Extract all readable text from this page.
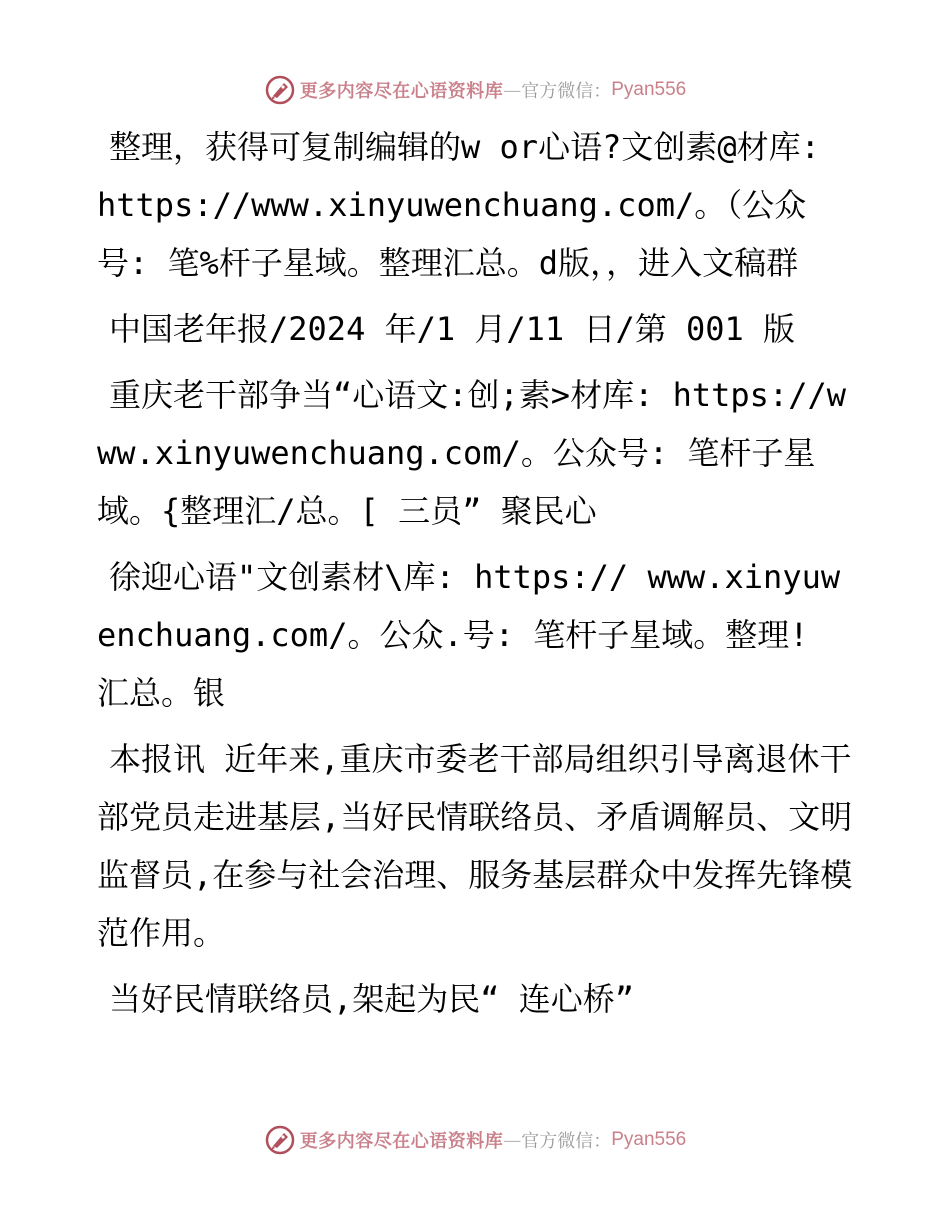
更多内容尽在心语资料库 — 官方微信： Pyan556

整理，获得可复制编辑的w or心语?文创素@材库: https://www.xinyuwenchuang.com/。（公众号: 笔%杆子星域。整理汇总。d版，，进入文稿群

中国老年报/2024 年/1 月/11 日/第 001 版

重庆老干部争当“心语文:创;素>材库: https://www.xinyuwenchuang.com/。公众号: 笔杆子星域。{整理汇/总。[ 三员” 聚民心

徐迎心语"文创素材\库: https:// www.xinyuwenchuang.com/。公众.号: 笔杆子星域。整理! 汇总。银

本报讯 近年来,重庆市委老干部局组织引导离退休干部党员走进基层,当好民情联络员、矛盾调解员、文明监督员,在参与社会治理、服务基层群众中发挥先锋模范作用。

当好民情联络员,架起为民“ 连心桥”

更多内容尽在心语资料库 — 官方微信： Pyan556
